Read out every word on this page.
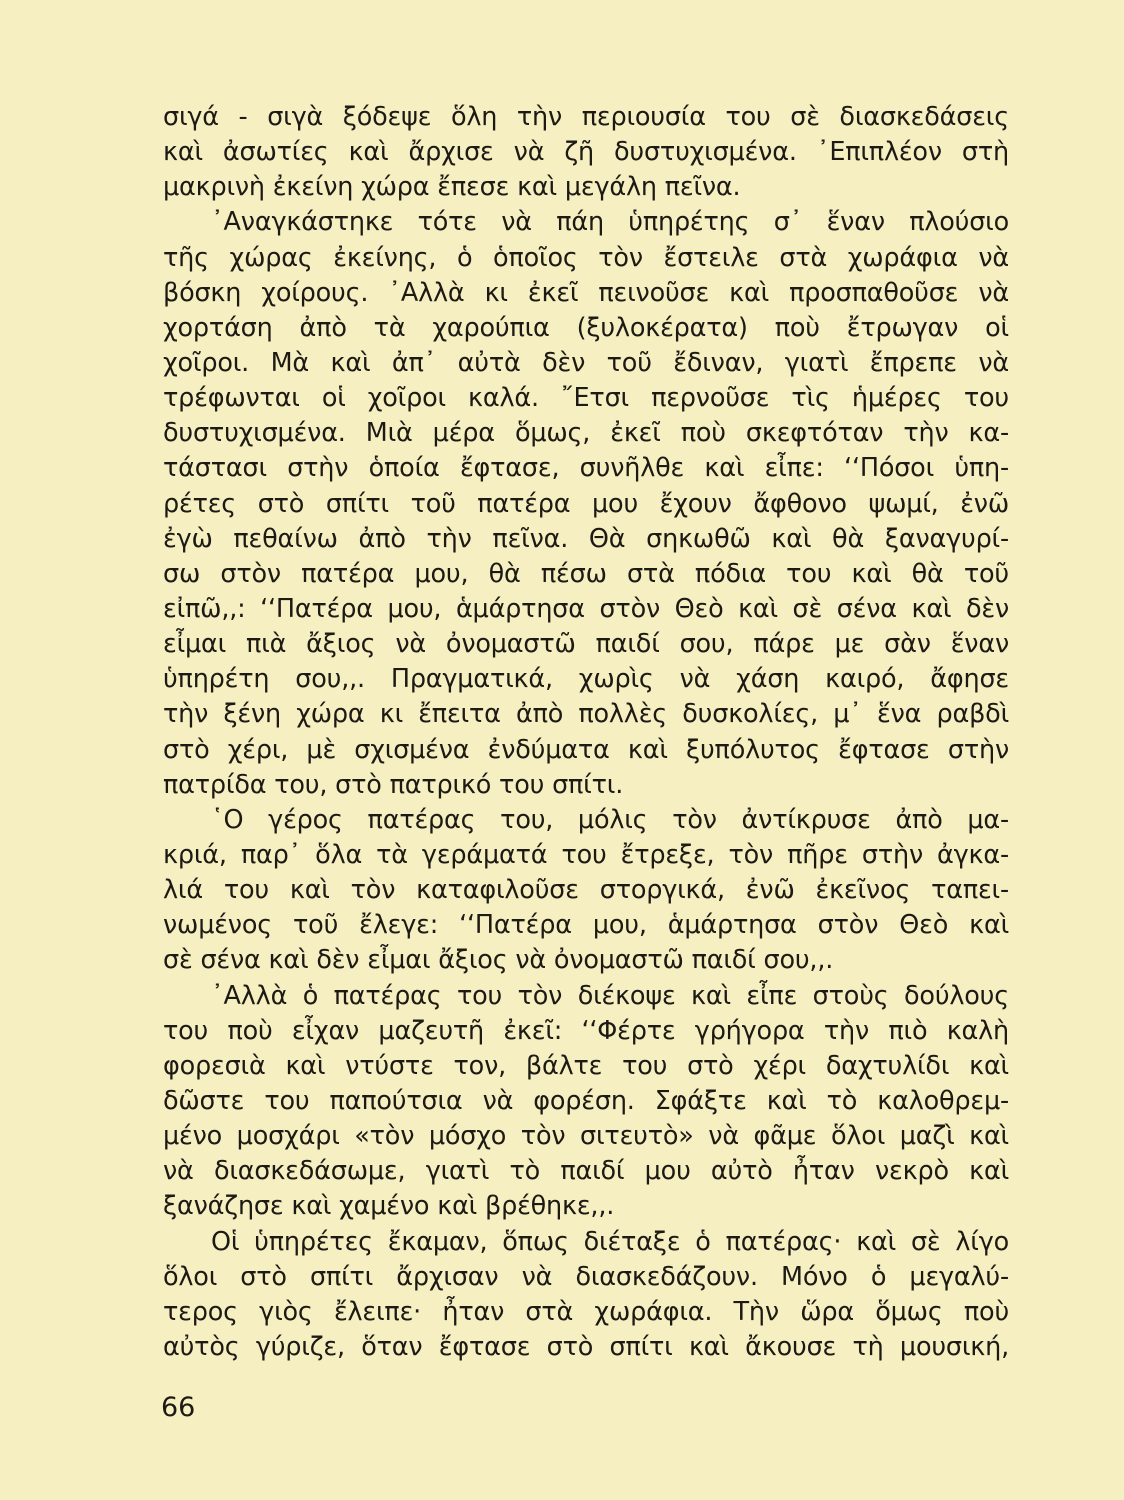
σιγά - σιγὰ ξόδεψε ὅλη τὴν περιουσία του σὲ διασκεδάσεις
καὶ ἀσωτίες καὶ ἄρχισε νὰ ζῆ δυστυχισμένα. ᾽Επιπλέον στὴ
μακρινὴ ἐκείνη χώρα ἔπεσε καὶ μεγάλη πεῖνα.
᾽Αναγκάστηκε τότε νὰ πάη ὑπηρέτης σ᾽ ἕναν πλούσιο
τῆς χώρας ἐκείνης, ὁ ὁποῖος τὸν ἔστειλε στὰ χωράφια νὰ
βόσκη χοίρους. ᾽Αλλὰ κι ἐκεῖ πεινοῦσε καὶ προσπαθοῦσε νὰ
χορτάση ἀπὸ τὰ χαρούπια (ξυλοκέρατα) ποὺ ἔτρωγαν οἱ
χοῖροι. Μὰ καὶ ἀπ᾽ αὐτὰ δὲν τοῦ ἔδιναν, γιατὶ ἔπρεπε νὰ
τρέφωνται οἱ χοῖροι καλά. ῎Ετσι περνοῦσε τὶς ἡμέρες του
δυστυχισμένα. Μιὰ μέρα ὅμως, ἐκεῖ ποὺ σκεφτόταν τὴν κα-
τάστασι στὴν ὁποία ἔφτασε, συνῆλθε καὶ εἶπε: ‘‘Πόσοι ὑπη-
ρέτες στὸ σπίτι τοῦ πατέρα μου ἔχουν ἄφθονο ψωμί, ἐνῶ
ἐγὼ πεθαίνω ἀπὸ τὴν πεῖνα. Θὰ σηκωθῶ καὶ θὰ ξαναγυρί-
σω στὸν πατέρα μου, θὰ πέσω στὰ πόδια του καὶ θὰ τοῦ
εἰπῶ,,: ‘‘Πατέρα μου, ἁμάρτησα στὸν Θεὸ καὶ σὲ σένα καὶ δὲν
εἶμαι πιὰ ἄξιος νὰ ὀνομαστῶ παιδί σου, πάρε με σὰν ἕναν
ὑπηρέτη σου,,. Πραγματικά, χωρὶς νὰ χάση καιρό, ἄφησε
τὴν ξένη χώρα κι ἔπειτα ἀπὸ πολλὲς δυσκολίες, μ᾽ ἕνα ραβδὶ
στὸ χέρι, μὲ σχισμένα ἐνδύματα καὶ ξυπόλυτος ἔφτασε στὴν
πατρίδα του, στὸ πατρικό του σπίτι.
῾Ο γέρος πατέρας του, μόλις τὸν ἀντίκρυσε ἀπὸ μα-
κριά, παρ᾽ ὅλα τὰ γεράματά του ἔτρεξε, τὸν πῆρε στὴν ἀγκα-
λιά του καὶ τὸν καταφιλοῦσε στοργικά, ἐνῶ ἐκεῖνος ταπει-
νωμένος τοῦ ἔλεγε: ‘‘Πατέρα μου, ἁμάρτησα στὸν Θεὸ καὶ
σὲ σένα καὶ δὲν εἶμαι ἄξιος νὰ ὀνομαστῶ παιδί σου,,.
᾽Αλλὰ ὁ πατέρας του τὸν διέκοψε καὶ εἶπε στοὺς δούλους
του ποὺ εἶχαν μαζευτῆ ἐκεῖ: ‘‘Φέρτε γρήγορα τὴν πιὸ καλὴ
φορεσιὰ καὶ ντύστε τον, βάλτε του στὸ χέρι δαχτυλίδι καὶ
δῶστε του παπούτσια νὰ φορέση. Σφάξτε καὶ τὸ καλοθρεμ-
μένο μοσχάρι «τὸν μόσχο τὸν σιτευτὸ» νὰ φᾶμε ὅλοι μαζὶ καὶ
νὰ διασκεδάσωμε, γιατὶ τὸ παιδί μου αὐτὸ ἦταν νεκρὸ καὶ
ξανάζησε καὶ χαμένο καὶ βρέθηκε,,.
Οἱ ὑπηρέτες ἔκαμαν, ὅπως διέταξε ὁ πατέρας· καὶ σὲ λίγο
ὅλοι στὸ σπίτι ἄρχισαν νὰ διασκεδάζουν. Μόνο ὁ μεγαλύ-
τερος γιὸς ἔλειπε· ἦταν στὰ χωράφια. Τὴν ὥρα ὅμως ποὺ
αὐτὸς γύριζε, ὅταν ἔφτασε στὸ σπίτι καὶ ἄκουσε τὴ μουσική,
66
